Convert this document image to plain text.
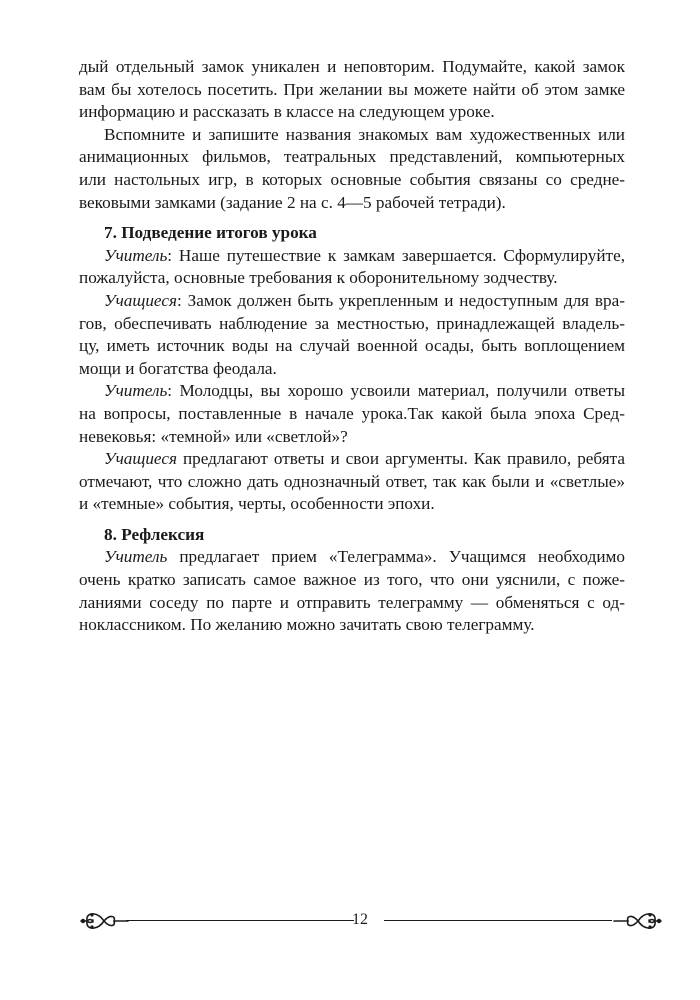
дый отдельный замок уникален и неповторим. Подумайте, какой замок
вам бы хотелось посетить. При желании вы можете найти об этом замке
информацию и рассказать в классе на следующем уроке.
Вспомните и запишите названия знакомых вам художественных или
анимационных фильмов, театральных представлений, компьютерных
или настольных игр, в которых основные события связаны со средне-
вековыми замками (задание 2 на с. 4—5 рабочей тетради).
7. Подведение итогов урока
Учитель: Наше путешествие к замкам завершается. Сформулируйте,
пожалуйста, основные требования к оборонительному зодчеству.
Учащиеся: Замок должен быть укрепленным и недоступным для вра-
гов, обеспечивать наблюдение за местностью, принадлежащей владель-
цу, иметь источник воды на случай военной осады, быть воплощением
мощи и богатства феодала.
Учитель: Молодцы, вы хорошо усвоили материал, получили ответы
на вопросы, поставленные в начале урока.Так какой была эпоха Сред-
невековья: «темной» или «светлой»?
Учащиеся предлагают ответы и свои аргументы. Как правило, ребята
отмечают, что сложно дать однозначный ответ, так как были и «светлые»
и «темные» события, черты, особенности эпохи.
8. Рефлексия
Учитель предлагает прием «Телеграмма». Учащимся необходимо
очень кратко записать самое важное из того, что они уяснили, с поже-
ланиями соседу по парте и отправить телеграмму — обменяться с од-
ноклассником. По желанию можно зачитать свою телеграмму.
12
